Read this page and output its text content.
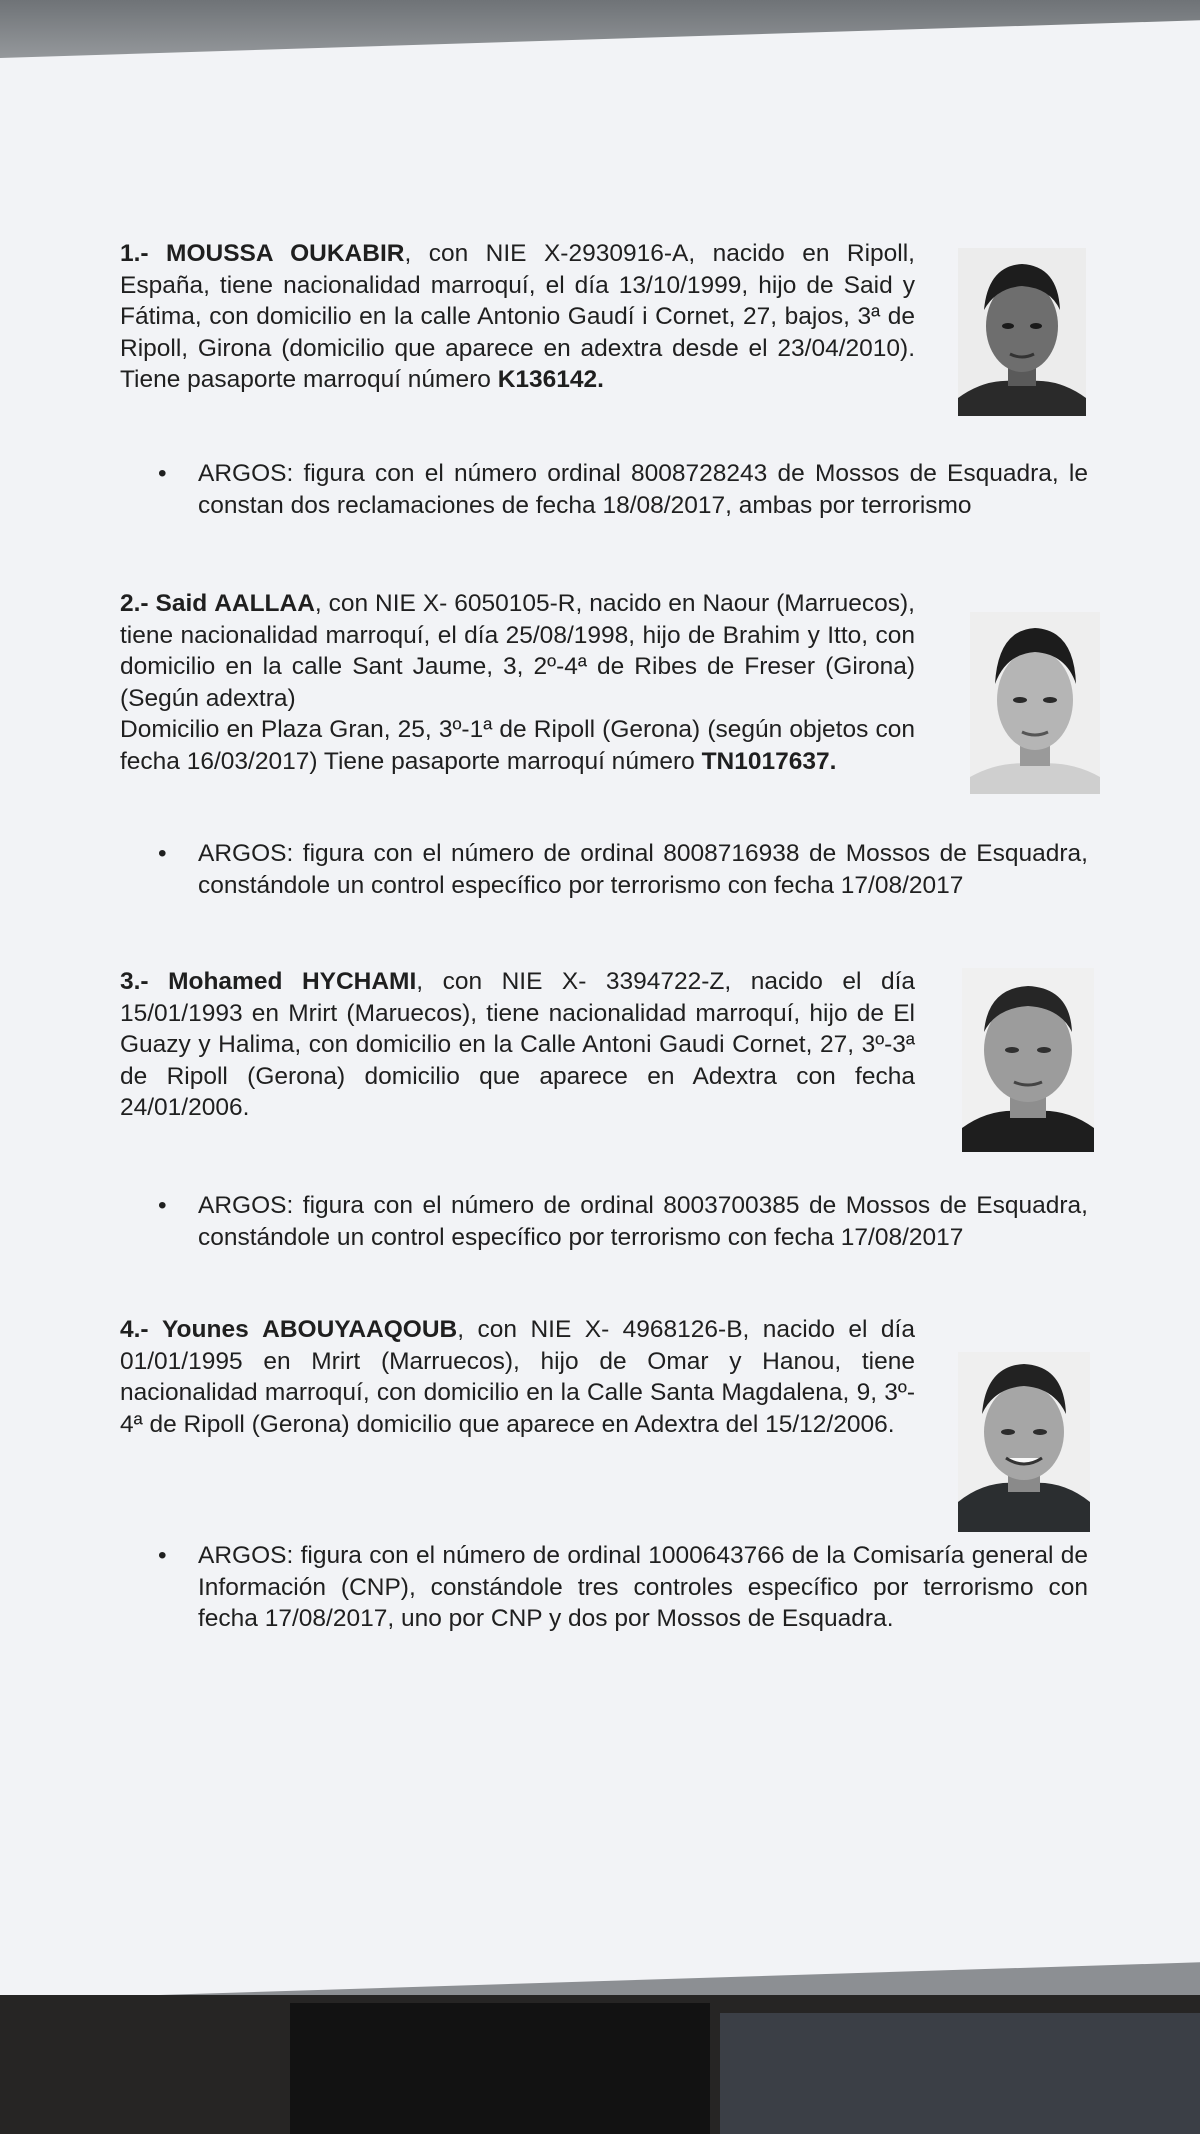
1.- MOUSSA OUKABIR, con NIE X-2930916-A, nacido en Ripoll, España, tiene nacionalidad marroquí, el día 13/10/1999, hijo de Said y Fátima, con domicilio en la calle Antonio Gaudí i Cornet, 27, bajos, 3ª de Ripoll, Girona (domicilio que aparece en adextra desde el 23/04/2010). Tiene pasaporte marroquí número K136142.
•	ARGOS: figura con el número ordinal 8008728243 de Mossos de Esquadra, le constan dos reclamaciones de fecha 18/08/2017, ambas por terrorismo
2.- Said AALLAA, con NIE X- 6050105-R, nacido en Naour (Marruecos), tiene nacionalidad marroquí, el día 25/08/1998, hijo de Brahim y Itto, con domicilio en la calle Sant Jaume, 3, 2º-4ª de Ribes de Freser (Girona) (Según adextra)
Domicilio en Plaza Gran, 25, 3º-1ª de Ripoll (Gerona) (según objetos con fecha 16/03/2017) Tiene pasaporte marroquí número TN1017637.
•	ARGOS: figura con el número de ordinal 8008716938 de Mossos de Esquadra, constándole un control específico por terrorismo con fecha 17/08/2017
3.- Mohamed HYCHAMI, con NIE X- 3394722-Z, nacido el día 15/01/1993 en Mrirt (Maruecos), tiene nacionalidad marroquí, hijo de El Guazy y Halima, con domicilio en la Calle Antoni Gaudi Cornet, 27, 3º-3ª de Ripoll (Gerona) domicilio que aparece en Adextra con fecha 24/01/2006.
•	ARGOS: figura con el número de ordinal 8003700385 de Mossos de Esquadra, constándole un control específico por terrorismo con fecha 17/08/2017
4.- Younes ABOUYAAQOUB, con NIE X- 4968126-B, nacido el día 01/01/1995 en Mrirt (Marruecos), hijo de Omar y Hanou, tiene nacionalidad marroquí, con domicilio en la Calle Santa Magdalena, 9, 3º- 4ª de Ripoll (Gerona) domicilio que aparece en Adextra del 15/12/2006.
•	ARGOS: figura con el número de ordinal 1000643766 de la Comisaría general de Información (CNP), constándole tres controles específico por terrorismo con fecha 17/08/2017, uno por CNP y dos por Mossos de Esquadra.
